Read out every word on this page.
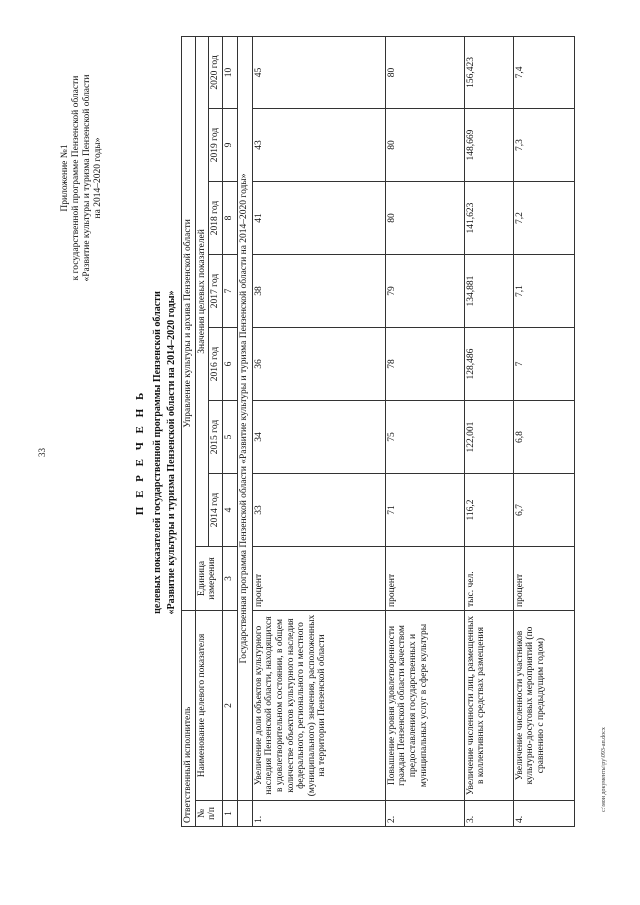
33
Приложение №1 к государственной программе Пензенской области «Развитие культуры и туризма Пензенской области на 2014–2020 годы»
П Е Р Е Ч Е Н Ь целевых показателей государственной программы Пензенской области «Развитие культуры и туризма Пензенской области на 2014–2020 годы»
Ответственный исполнитель		Управление культуры и архива Пензенской области							
№ п/п	Наименование целевого показателя	Единица измерения	Значения целевых показателей						
			2014 год	2015 год	2016 год	2017 год	2018 год	2019 год	2020 год
1	2	3	4	5	6	7	8	9	10
	Государственная программа Пензенской области «Развитие культуры и туризма Пензенской области на 2014–2020 годы»								
1.	Увеличение доли объектов культурного наследия Пензенской области, находящихся в удовлетворительном состоянии, в общем количестве объектов культурного наследия федерального, регионального и местного (муниципального) значения, расположенных на территории Пензенской области	процент	33	34	36	38	41	43	45
2.	Повышение уровня удовлетворенности граждан Пензенской области качеством предоставления государственных и муниципальных услуг в сфере культуры	процент	71	75	78	79	80	80	80
3.	Увеличение численности лиц, размещенных в коллективных средствах размещения	тыс. чел.	116,2	122,001	128,486	134,881	141,623	148,669	156,423
4.	Увеличение численности участников культурно-досуговых мероприятий (по сравнению с предыдущим годом)	процент	6,7	6,8	7	7,1	7,2	7,3	7,4
c:\мои документы\ру\093-ап.docx
